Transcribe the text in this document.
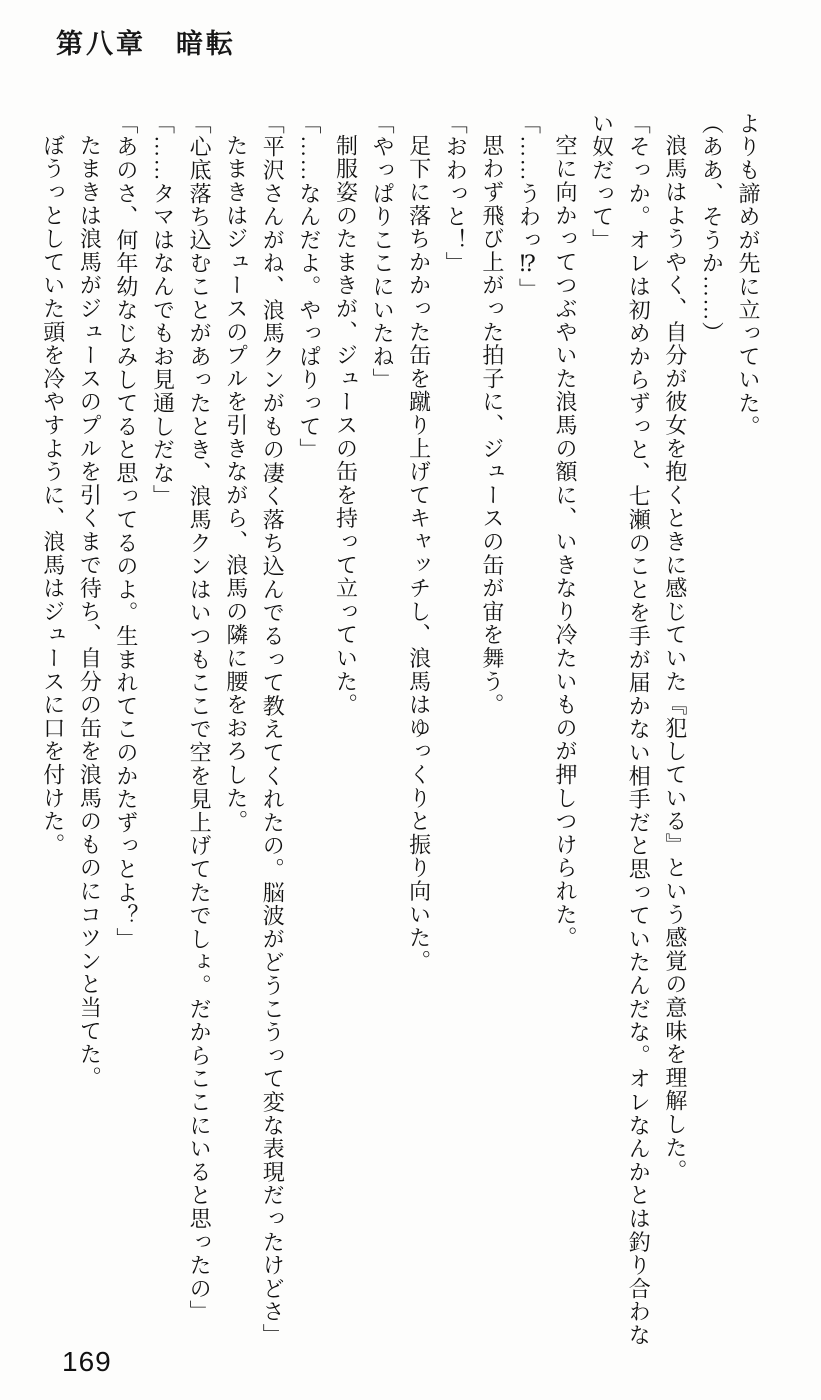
第八章　暗転

よりも諦めが先に立っていた。

（ああ、そうか……）

浪馬はようやく、自分が彼女を抱くときに感じていた『犯している』という感覚の意味を理解した。

「そっか。オレは初めからずっと、七瀬のことを手が届かない相手だと思っていたんだな。オレなんかとは釣り合わない奴だって」

空に向かってつぶやいた浪馬の額に、いきなり冷たいものが押しつけられた。

「……うわっ⁉」

思わず飛び上がった拍子に、ジュースの缶が宙を舞う。

「おわっと！」

足下に落ちかかった缶を蹴り上げてキャッチし、浪馬はゆっくりと振り向いた。

「やっぱりここにいたね」

制服姿のたまきが、ジュースの缶を持って立っていた。

「……なんだよ。やっぱりって」

「平沢さんがね、浪馬クンがもの凄く落ち込んでるって教えてくれたの。脳波がどうこうって変な表現だったけどさ」

たまきはジュースのプルを引きながら、浪馬の隣に腰をおろした。

「心底落ち込むことがあったとき、浪馬クンはいつもここで空を見上げてたでしょ。だからここにいると思ったの」

「……タマはなんでもお見通しだな」

「あのさ、何年幼なじみしてると思ってるのよ。生まれてこのかたずっとよ？」

たまきは浪馬がジュースのプルを引くまで待ち、自分の缶を浪馬のものにコツンと当てた。

ぼうっとしていた頭を冷やすように、浪馬はジュースに口を付けた。

169
